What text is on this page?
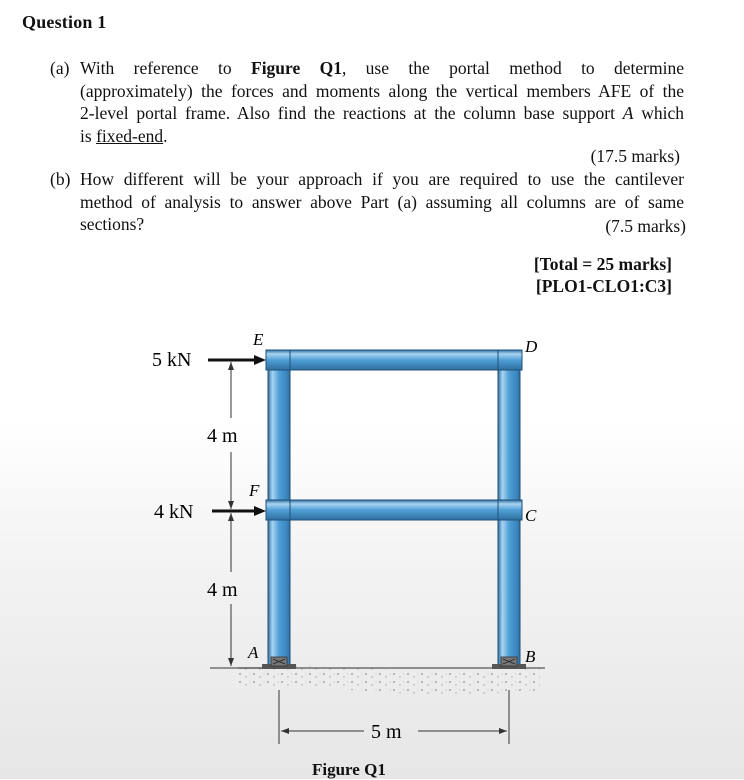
Question 1
(a) With reference to Figure Q1, use the portal method to determine
(approximately) the forces and moments along the vertical members AFE of the
2-level portal frame. Also find the reactions at the column base support A which
is fixed-end.
(17.5 marks)
(b) How different will be your approach if you are required to use the cantilever
method of analysis to answer above Part (a) assuming all columns are of same
sections?	(7.5 marks)
[Total = 25 marks]
[PLO1-CLO1:C3]
5 kN
4 kN
4 m
4 m
5 m
E
F
A
D
C
B
Figure Q1
